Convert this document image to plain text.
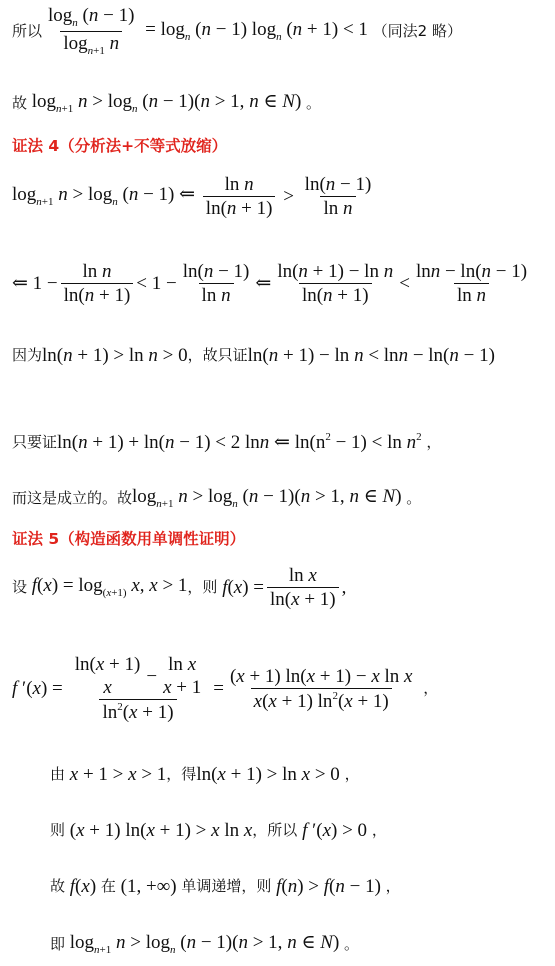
所以 $\frac{\log_n (n - 1)}{\log_{n+1} n} = \log_n (n - 1)$ $\log_n (n + 1) < 1$ （同法2 略）
故 $\log_{n+1} n > \log_n (n - 1)(n > 1$, n ∈ N) 。
证法 4（分析法+不等式放缩）
$\log_{n+1} n > \log_n (n - 1)$ ⇐ $\frac{\text{ln n}}{\ln(n + 1)} > \frac{\ln(n - 1)}{\text{ln n}}$
⇐ $1 - \frac{\text{ln n}}{\ln(n + 1)} < 1 - \frac{\ln(n - 1)}{\text{ln n}}$ ⇐ $\frac{\text{ln(n + 1) − ln n}}{\ln(n + 1)} < \frac{\ln n - \ln(n - 1)}{\text{ln n}}$
因为 ln(n + 1) > ln n > 0 ，故只证 ln(n + 1) − ln n < lnn − ln(n − 1)
只要证 ln(n + 1) + ln(n − 1) < 2 lnn ⇐ $\ln(n^2 - 1) < \ln n^2$ ，
而这是成立的。故 $\log_{n+1} n > \log_n (n - 1)(n > 1$, n ∈ N) 。
证法 5（构造函数用单调性证明）
设 $f(x) = \log_{(x+1)} x$, x > 1 ，则 $f(x) = \frac{\text{ln x}}{\ln(x + 1)}$ ,
f ′(x) = ln(x + 1)
x
−
ln x
x + 1
$\ln^2(x + 1) = \frac{\text{(x + 1) ln(x + 1) − x ln x}}{x(x + 1) \ln^2(x + 1)}$ ，
由 x + 1 > x > 1 ，得 ln(x + 1) > ln x > 0 ，
则 (x + 1) ln(x + 1) > x ln x ，所以 f ′(x) > 0 ，
故 f(x) 在 (1, +∞) 单调递增，则 f(n) > f(n − 1) ，
即 $\log_{n+1} n > \log_n (n - 1)(n > 1$, n ∈ N) 。
